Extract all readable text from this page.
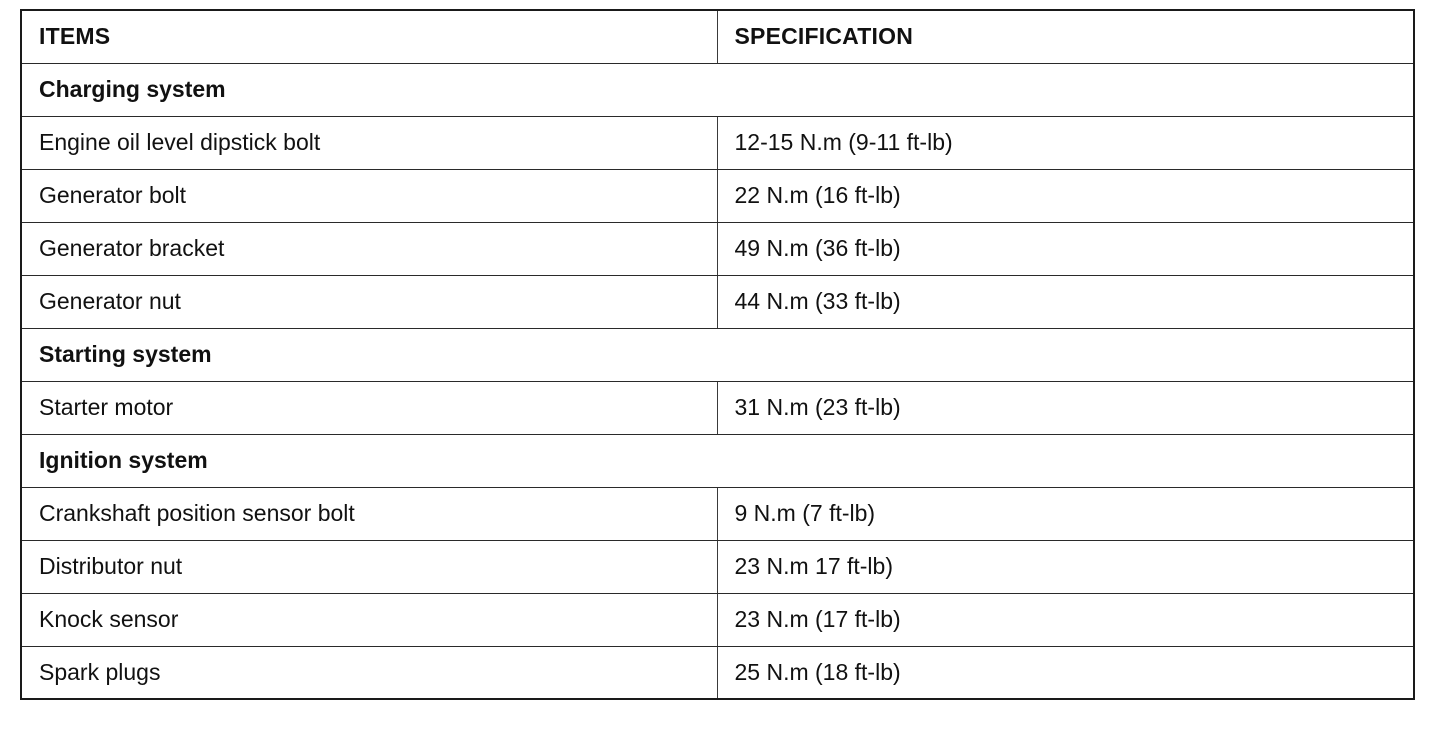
ITEMS	SPECIFICATION
Charging system	
Engine oil level dipstick bolt	12-15 N.m (9-11 ft-lb)
Generator bolt	22 N.m (16 ft-lb)
Generator bracket	49 N.m (36 ft-lb)
Generator nut	44 N.m (33 ft-lb)
Starting system	
Starter motor	31 N.m (23 ft-lb)
Ignition system	
Crankshaft position sensor bolt	9 N.m (7 ft-lb)
Distributor nut	23 N.m 17 ft-lb)
Knock sensor	23 N.m (17 ft-lb)
Spark plugs	25 N.m (18 ft-lb)
